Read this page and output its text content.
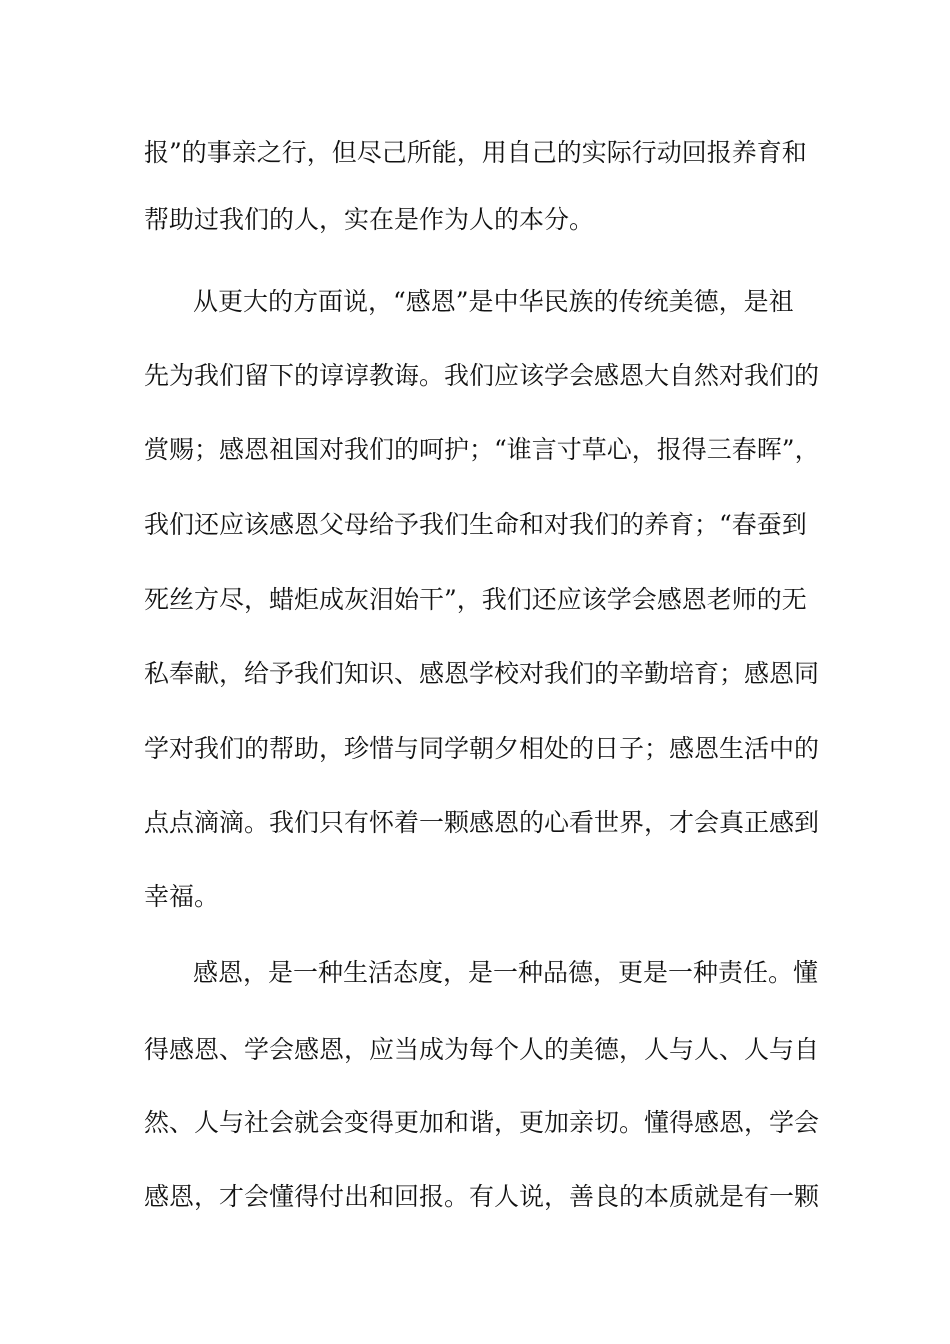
报”的事亲之行，但尽己所能，用自己的实际行动回报养育和
帮助过我们的人，实在是作为人的本分。
从更大的方面说，“感恩”是中华民族的传统美德，是祖
先为我们留下的谆谆教诲。我们应该学会感恩大自然对我们的
赏赐；感恩祖国对我们的呵护；“谁言寸草心，报得三春晖”，
我们还应该感恩父母给予我们生命和对我们的养育；“春蚕到
死丝方尽，蜡炬成灰泪始干”，我们还应该学会感恩老师的无
私奉献，给予我们知识、感恩学校对我们的辛勤培育；感恩同
学对我们的帮助，珍惜与同学朝夕相处的日子；感恩生活中的
点点滴滴。我们只有怀着一颗感恩的心看世界，才会真正感到
幸福。
感恩，是一种生活态度，是一种品德，更是一种责任。懂
得感恩、学会感恩，应当成为每个人的美德，人与人、人与自
然、人与社会就会变得更加和谐，更加亲切。懂得感恩，学会
感恩，才会懂得付出和回报。有人说，善良的本质就是有一颗
